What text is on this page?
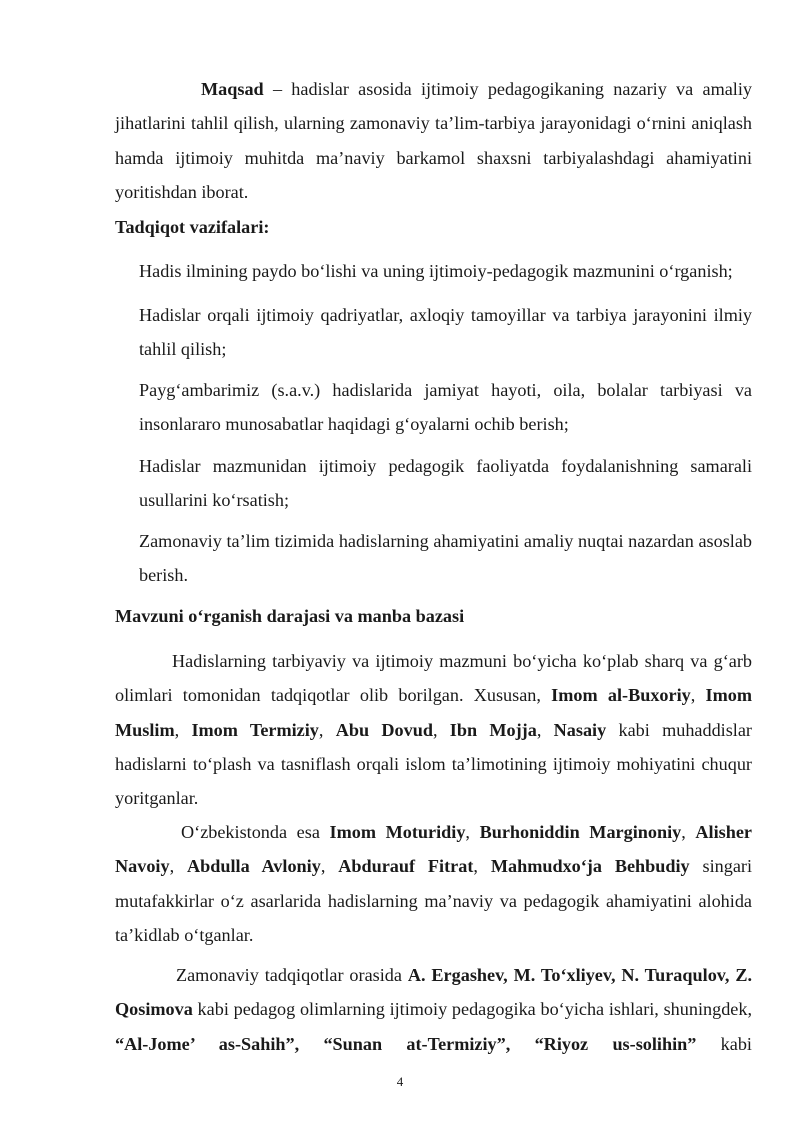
Maqsad – hadislar asosida ijtimoiy pedagogikaning nazariy va amaliy jihatlarini tahlil qilish, ularning zamonaviy ta’lim-tarbiya jarayonidagi o‘rnini aniqlash hamda ijtimoiy muhitda ma’naviy barkamol shaxsni tarbiyalashdagi ahamiyatini yoritishdan iborat.

Tadqiqot vazifalari:

Hadis ilmining paydo bo‘lishi va uning ijtimoiy-pedagogik mazmunini o‘rganish;

Hadislar orqali ijtimoiy qadriyatlar, axloqiy tamoyillar va tarbiya jarayonini ilmiy tahlil qilish;

Payg‘ambarimiz (s.a.v.) hadislarida jamiyat hayoti, oila, bolalar tarbiyasi va insonlararo munosabatlar haqidagi g‘oyalarni ochib berish;

Hadislar mazmunidan ijtimoiy pedagogik faoliyatda foydalanishning samarali usullarini ko‘rsatish;

Zamonaviy ta’lim tizimida hadislarning ahamiyatini amaliy nuqtai nazardan asoslab berish.

Mavzuni o‘rganish darajasi va manba bazasi

Hadislarning tarbiyaviy va ijtimoiy mazmuni bo‘yicha ko‘plab sharq va g‘arb olimlari tomonidan tadqiqotlar olib borilgan. Xususan, Imom al-Buxoriy, Imom Muslim, Imom Termiziy, Abu Dovud, Ibn Mojja, Nasaiy kabi muhaddislar hadislarni to‘plash va tasniflash orqali islom ta’limotining ijtimoiy mohiyatini chuqur yoritganlar.

O‘zbekistonda esa Imom Moturidiy, Burhoniddin Marginoniy, Alisher Navoiy, Abdulla Avloniy, Abdurauf Fitrat, Mahmudxo‘ja Behbudiy singari mutafakkirlar o‘z asarlarida hadislarning ma’naviy va pedagogik ahamiyatini alohida ta’kidlab o‘tganlar.

Zamonaviy tadqiqotlar orasida A. Ergashev, M. To‘xliyev, N. Turaqulov, Z. Qosimova kabi pedagog olimlarning ijtimoiy pedagogika bo‘yicha ishlari, shuningdek, “Al-Jome’ as-Sahih”, “Sunan at-Termiziy”, “Riyoz us-solihin” kabi

4
